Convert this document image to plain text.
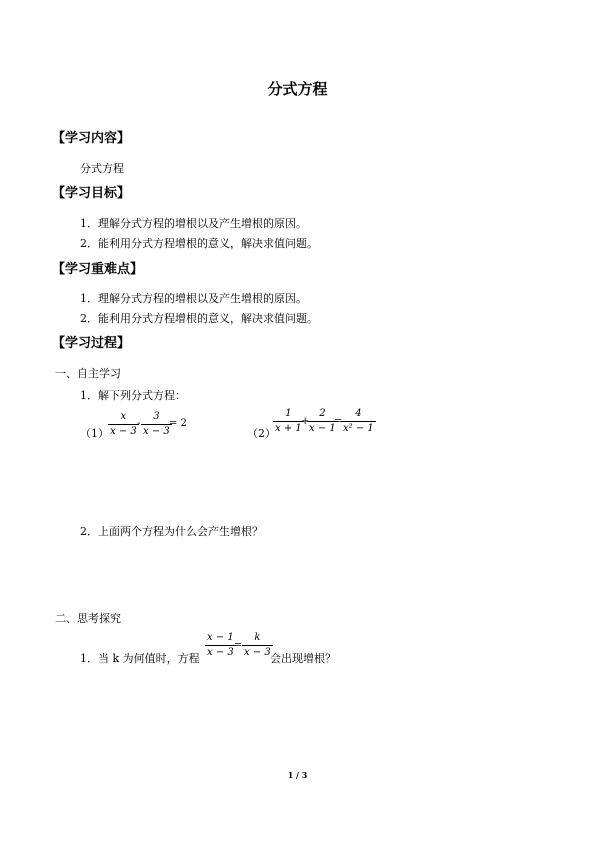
分式方程
【学习内容】
分式方程
【学习目标】
1．理解分式方程的增根以及产生增根的原因。
2．能利用分式方程增根的意义，解决求值问题。
【学习重难点】
1．理解分式方程的增根以及产生增根的原因。
2．能利用分式方程增根的意义，解决求值问题。
【学习过程】
一、自主学习
1．解下列分式方程：
$(1) \frac{x}{x - 3}$
- $\frac{3}{x - 3}$
= 2
（2）
$\frac{1}{x + 1}$
+
$\frac{2}{x - 1}$
=
$\frac{4}{\text{x² − 1}}$
2．上面两个方程为什么会产生增根？
二、思考探究
1．当 k 为何值时，方程
$\frac{x - 1}{x - 3}$
= $\frac{k}{x - 3}$
会出现增根？
1 / 3
